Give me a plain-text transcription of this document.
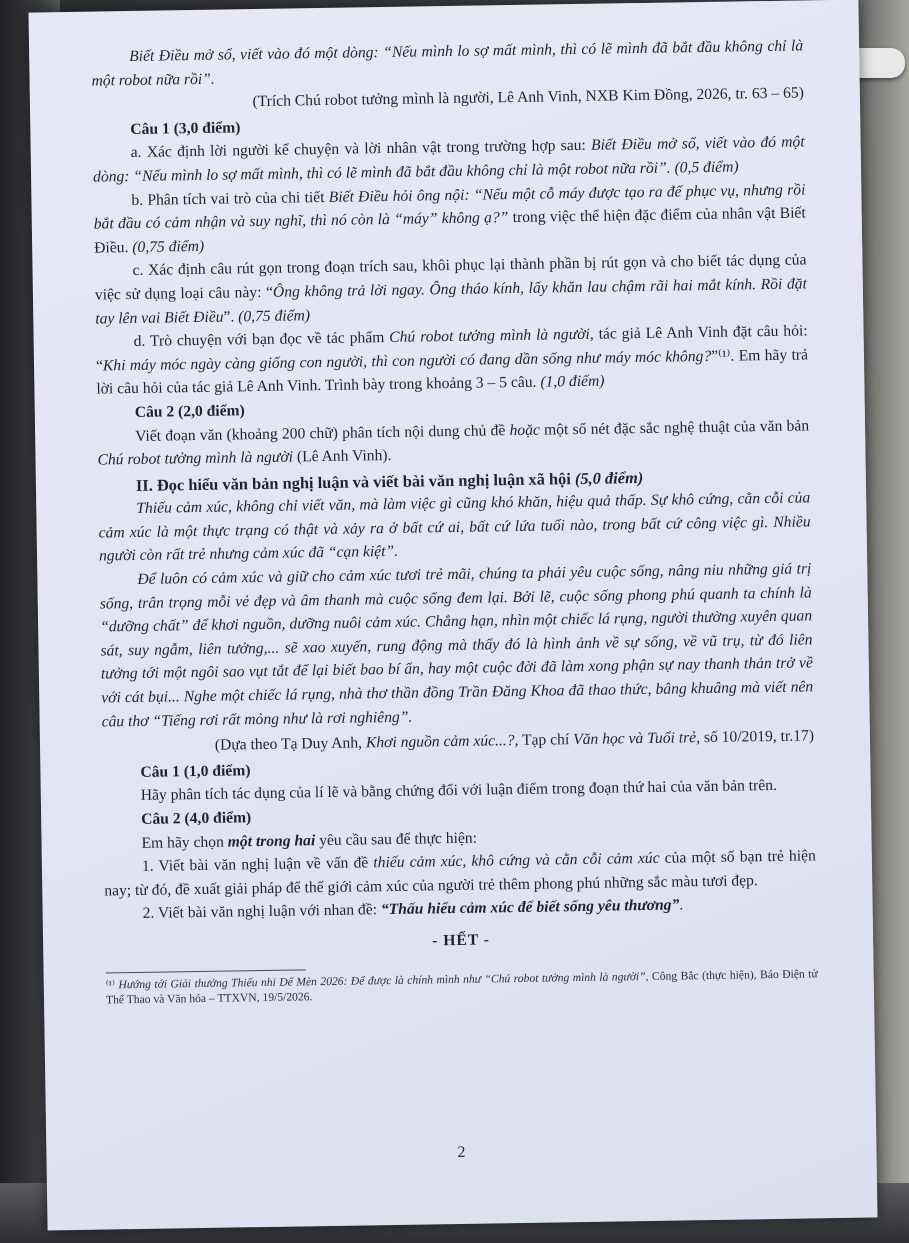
Biết Điều mở sổ, viết vào đó một dòng: “Nếu mình lo sợ mất mình, thì có lẽ mình đã bắt đầu không chỉ là một robot nữa rồi”.

(Trích Chú robot tưởng mình là người, Lê Anh Vinh, NXB Kim Đồng, 2026, tr. 63 – 65)

Câu 1 (3,0 điểm)

a. Xác định lời người kể chuyện và lời nhân vật trong trường hợp sau: Biết Điều mở sổ, viết vào đó một dòng: “Nếu mình lo sợ mất mình, thì có lẽ mình đã bắt đầu không chỉ là một robot nữa rồi”. (0,5 điểm)

b. Phân tích vai trò của chi tiết Biết Điều hỏi ông nội: “Nếu một cỗ máy được tạo ra để phục vụ, nhưng rồi bắt đầu có cảm nhận và suy nghĩ, thì nó còn là “máy” không ạ?” trong việc thể hiện đặc điểm của nhân vật Biết Điều. (0,75 điểm)

c. Xác định câu rút gọn trong đoạn trích sau, khôi phục lại thành phần bị rút gọn và cho biết tác dụng của việc sử dụng loại câu này: “Ông không trả lời ngay. Ông tháo kính, lấy khăn lau chậm rãi hai mắt kính. Rồi đặt tay lên vai Biết Điều”. (0,75 điểm)

d. Trò chuyện với bạn đọc về tác phẩm Chú robot tưởng mình là người, tác giả Lê Anh Vinh đặt câu hỏi: “Khi máy móc ngày càng giống con người, thì con người có đang dần sống như máy móc không?”⁽¹⁾. Em hãy trả lời câu hỏi của tác giả Lê Anh Vinh. Trình bày trong khoảng 3 – 5 câu. (1,0 điểm)

Câu 2 (2,0 điểm)

Viết đoạn văn (khoảng 200 chữ) phân tích nội dung chủ đề hoặc một số nét đặc sắc nghệ thuật của văn bản Chú robot tưởng mình là người (Lê Anh Vinh).

II. Đọc hiểu văn bản nghị luận và viết bài văn nghị luận xã hội (5,0 điểm)

Thiếu cảm xúc, không chỉ viết văn, mà làm việc gì cũng khó khăn, hiệu quả thấp. Sự khô cứng, cằn cỗi của cảm xúc là một thực trạng có thật và xảy ra ở bất cứ ai, bất cứ lứa tuổi nào, trong bất cứ công việc gì. Nhiều người còn rất trẻ nhưng cảm xúc đã “cạn kiệt”.

Để luôn có cảm xúc và giữ cho cảm xúc tươi trẻ mãi, chúng ta phải yêu cuộc sống, nâng niu những giá trị sống, trân trọng mỗi vẻ đẹp và âm thanh mà cuộc sống đem lại. Bởi lẽ, cuộc sống phong phú quanh ta chính là “dưỡng chất” để khơi nguồn, dưỡng nuôi cảm xúc. Chẳng hạn, nhìn một chiếc lá rụng, người thường xuyên quan sát, suy ngẫm, liên tưởng,... sẽ xao xuyến, rung động mà thấy đó là hình ảnh về sự sống, về vũ trụ, từ đó liên tưởng tới một ngôi sao vụt tắt để lại biết bao bí ẩn, hay một cuộc đời đã làm xong phận sự nay thanh thản trở về với cát bụi... Nghe một chiếc lá rụng, nhà thơ thần đồng Trần Đăng Khoa đã thao thức, bâng khuâng mà viết nên câu thơ “Tiếng rơi rất mỏng như là rơi nghiêng”.

(Dựa theo Tạ Duy Anh, Khơi nguồn cảm xúc...?, Tạp chí Văn học và Tuổi trẻ, số 10/2019, tr.17)

Câu 1 (1,0 điểm)

Hãy phân tích tác dụng của lí lẽ và bằng chứng đối với luận điểm trong đoạn thứ hai của văn bản trên.

Câu 2 (4,0 điểm)

Em hãy chọn một trong hai yêu cầu sau để thực hiện:

1. Viết bài văn nghị luận về vấn đề thiếu cảm xúc, khô cứng và cằn cỗi cảm xúc của một số bạn trẻ hiện nay; từ đó, đề xuất giải pháp để thế giới cảm xúc của người trẻ thêm phong phú những sắc màu tươi đẹp.

2. Viết bài văn nghị luận với nhan đề: “Thấu hiểu cảm xúc để biết sống yêu thương”.

- HẾT -

⁽¹⁾ Hướng tới Giải thưởng Thiếu nhi Dế Mèn 2026: Để được là chính mình như “Chú robot tưởng mình là người”, Công Bắc (thực hiện), Báo Điện tử Thể Thao và Văn hóa – TTXVN, 19/5/2026.

2
